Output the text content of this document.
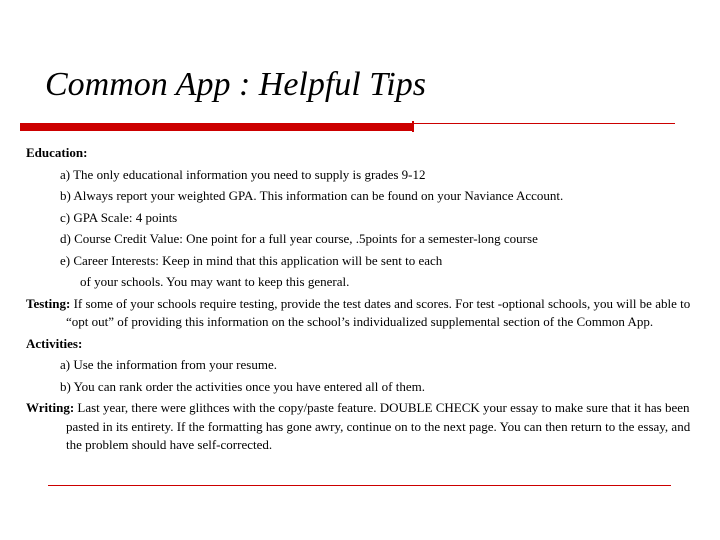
Common App : Helpful Tips
Education:
a) The only educational information you need to supply is grades 9-12
b) Always report your weighted GPA. This information can be found on your Naviance Account.
c) GPA Scale: 4 points
d) Course Credit Value: One point for a full year course, .5points for a semester-long course
e) Career Interests: Keep in mind that this application will be sent to each
of your schools. You may want to keep this general.
Testing: If some of your schools require testing, provide the test dates and scores. For test -optional schools, you will be able to “opt out” of providing this information on the school’s individualized supplemental section of the Common App.
Activities:
a) Use the information from your resume.
b) You can rank order the activities once you have entered all of them.
Writing: Last year, there were glithces with the copy/paste feature. DOUBLE CHECK your essay to make sure that it has been pasted in its entirety. If the formatting has gone awry, continue on to the next page. You can then return to the essay, and the problem should have self-corrected.
